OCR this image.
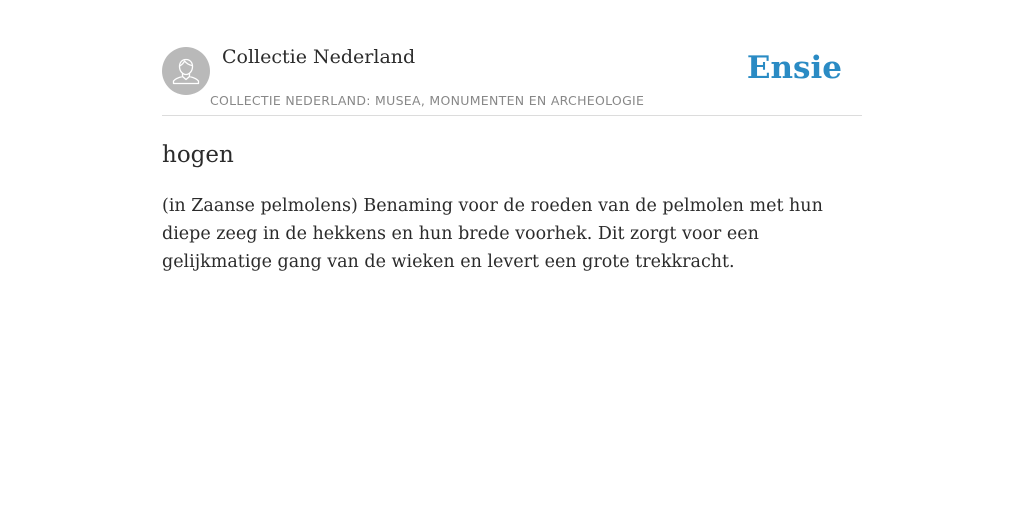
Collectie Nederland
COLLECTIE NEDERLAND: MUSEA, MONUMENTEN EN ARCHEOLOGIE
Ensie
hogen

(in Zaanse pelmolens) Benaming voor de roeden van de pelmolen met hun diepe zeeg in de hekkens en hun brede voorhek. Dit zorgt voor een gelijkmatige gang van de wieken en levert een grote trekkracht.
